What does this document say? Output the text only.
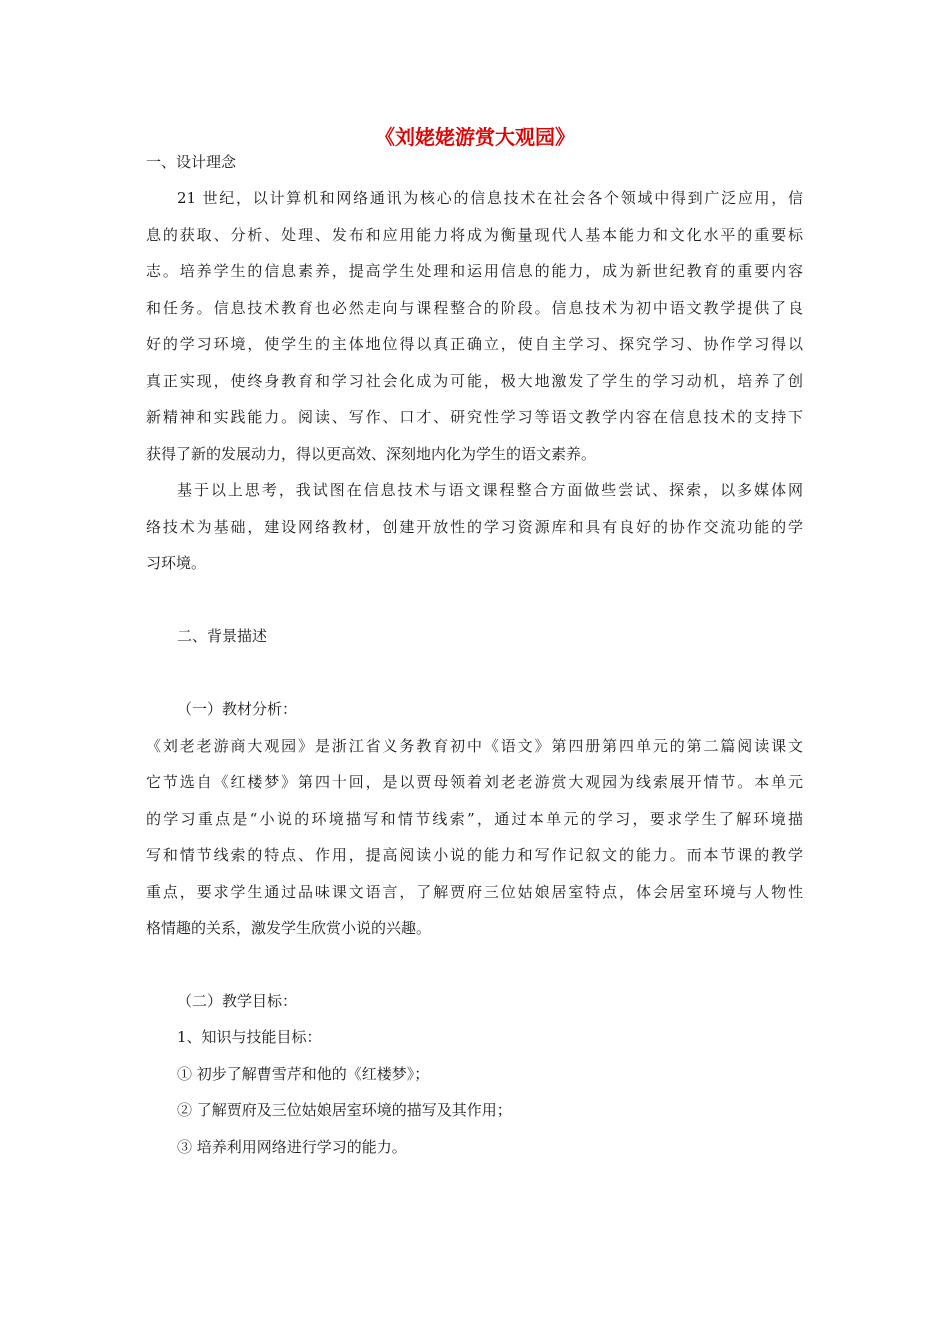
《刘姥姥游赏大观园》
一、设计理念
21 世纪，以计算机和网络通讯为核心的信息技术在社会各个领域中得到广泛应用，信
息的获取、分析、处理、发布和应用能力将成为衡量现代人基本能力和文化水平的重要标
志。培养学生的信息素养，提高学生处理和运用信息的能力，成为新世纪教育的重要内容
和任务。信息技术教育也必然走向与课程整合的阶段。信息技术为初中语文教学提供了良
好的学习环境，使学生的主体地位得以真正确立，使自主学习、探究学习、协作学习得以
真正实现，使终身教育和学习社会化成为可能，极大地激发了学生的学习动机，培养了创
新精神和实践能力。阅读、写作、口才、研究性学习等语文教学内容在信息技术的支持下
获得了新的发展动力，得以更高效、深刻地内化为学生的语文素养。
基于以上思考，我试图在信息技术与语文课程整合方面做些尝试、探索，以多媒体网
络技术为基础，建设网络教材，创建开放性的学习资源库和具有良好的协作交流功能的学
习环境。
二、背景描述
（一）教材分析：
《刘老老游商大观园》是浙江省义务教育初中《语文》第四册第四单元的第二篇阅读课文
它节选自《红楼梦》第四十回，是以贾母领着刘老老游赏大观园为线索展开情节。本单元
的学习重点是“小说的环境描写和情节线索”，通过本单元的学习，要求学生了解环境描
写和情节线索的特点、作用，提高阅读小说的能力和写作记叙文的能力。而本节课的教学
重点，要求学生通过品味课文语言，了解贾府三位姑娘居室特点，体会居室环境与人物性
格情趣的关系，激发学生欣赏小说的兴趣。
（二）教学目标：
1、知识与技能目标：
① 初步了解曹雪芹和他的《红楼梦》；
② 了解贾府及三位姑娘居室环境的描写及其作用；
③ 培养利用网络进行学习的能力。
